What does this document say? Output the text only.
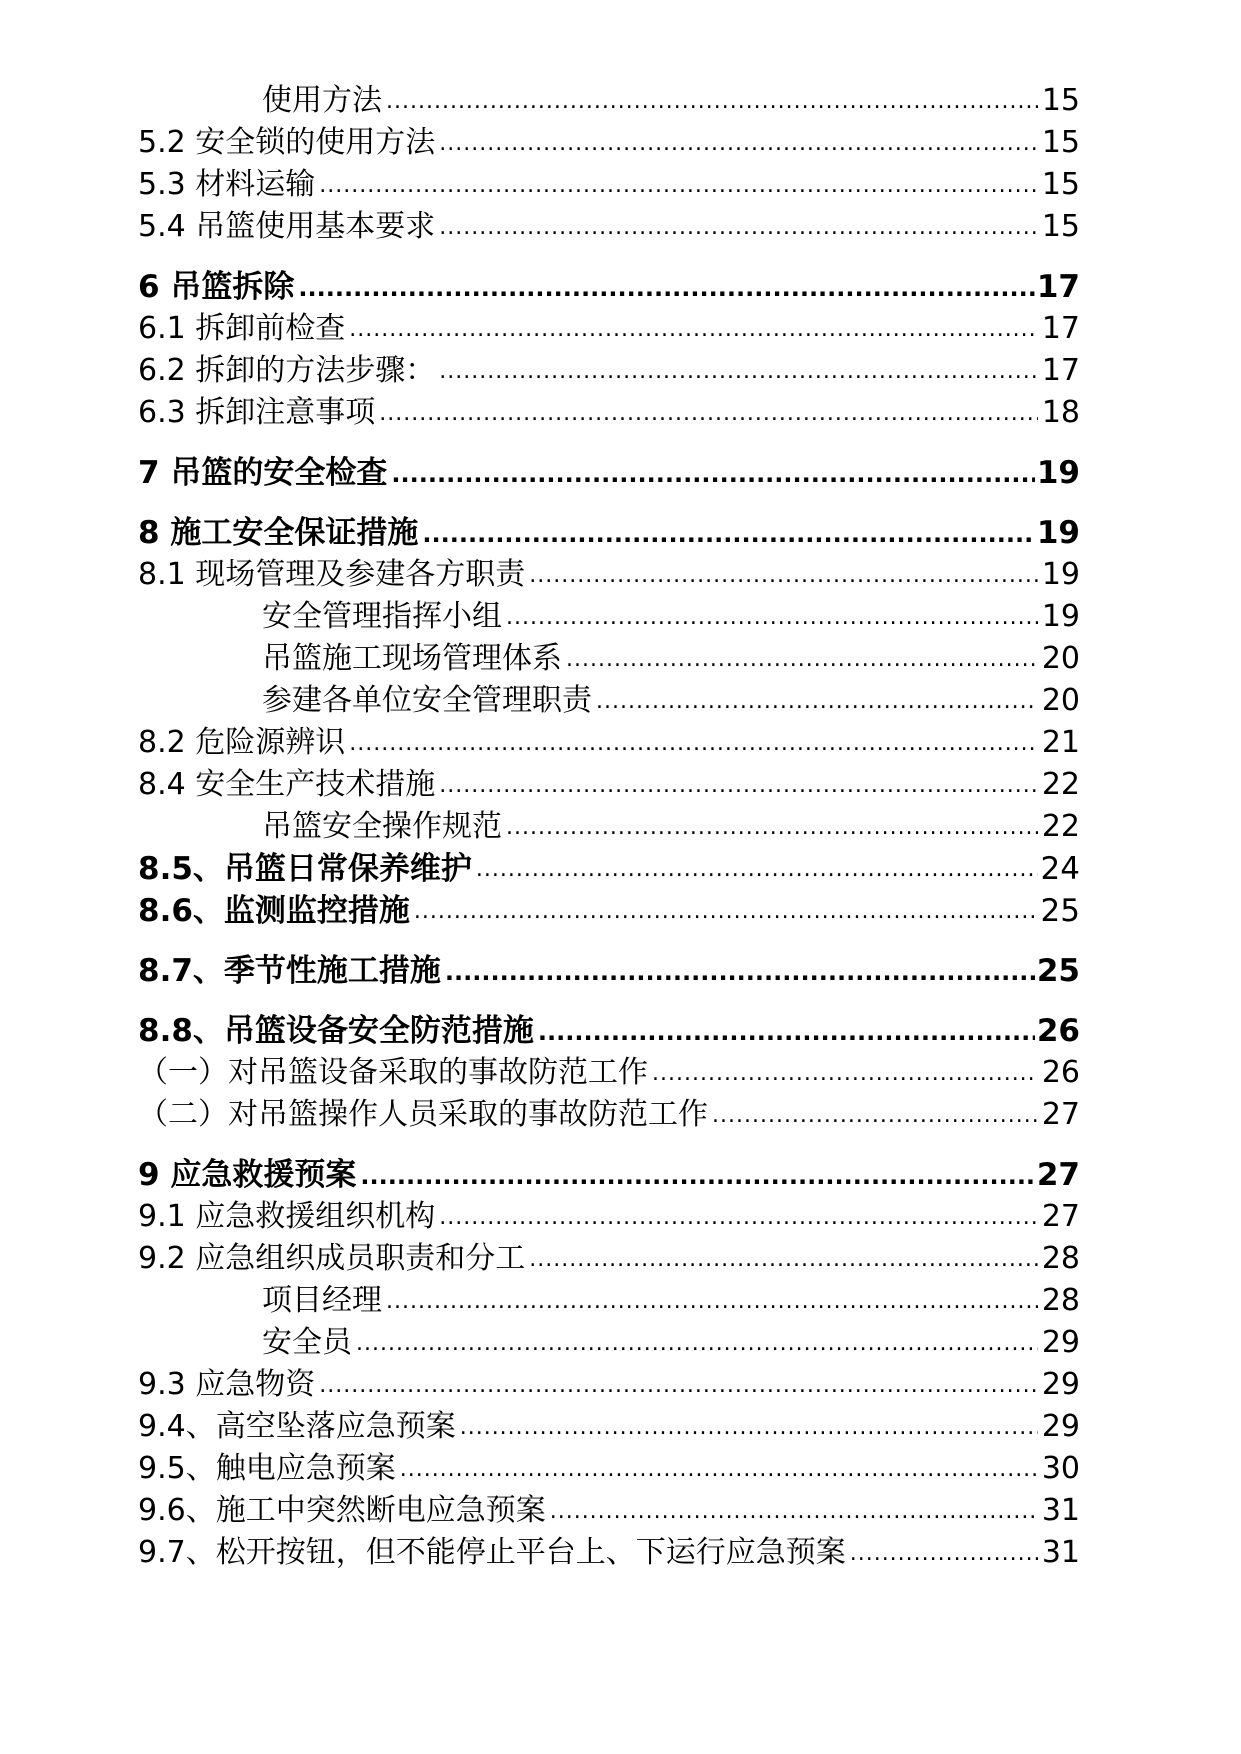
使用方法 .....	15
5.2 安全锁的使用方法 .....	15
5.3 材料运输 .....	15
5.4 吊篮使用基本要求 .....	15
6 吊篮拆除 .....	17
6.1 拆卸前检查 .....	17
6.2 拆卸的方法步骤： .....	17
6.3 拆卸注意事项 .....	18
7 吊篮的安全检查 .....	19
8 施工安全保证措施 .....	19
8.1 现场管理及参建各方职责 .....	19
安全管理指挥小组 .....	19
吊篮施工现场管理体系 .....	20
参建各单位安全管理职责 .....	20
8.2 危险源辨识 .....	21
8.4 安全生产技术措施 .....	22
吊篮安全操作规范 .....	22
8.5、吊篮日常保养维护 .....	24
8.6、监测监控措施 .....	25
8.7、季节性施工措施 .....	25
8.8、吊篮设备安全防范措施 .....	26
（一）对吊篮设备采取的事故防范工作 .....	26
（二）对吊篮操作人员采取的事故防范工作 .....	27
9 应急救援预案 .....	27
9.1 应急救援组织机构 .....	27
9.2 应急组织成员职责和分工 .....	28
项目经理 .....	28
安全员 .....	29
9.3 应急物资 .....	29
9.4、高空坠落应急预案 .....	29
9.5、触电应急预案 .....	30
9.6、施工中突然断电应急预案 .....	31
9.7、松开按钮，但不能停止平台上、下运行应急预案 .....	31
